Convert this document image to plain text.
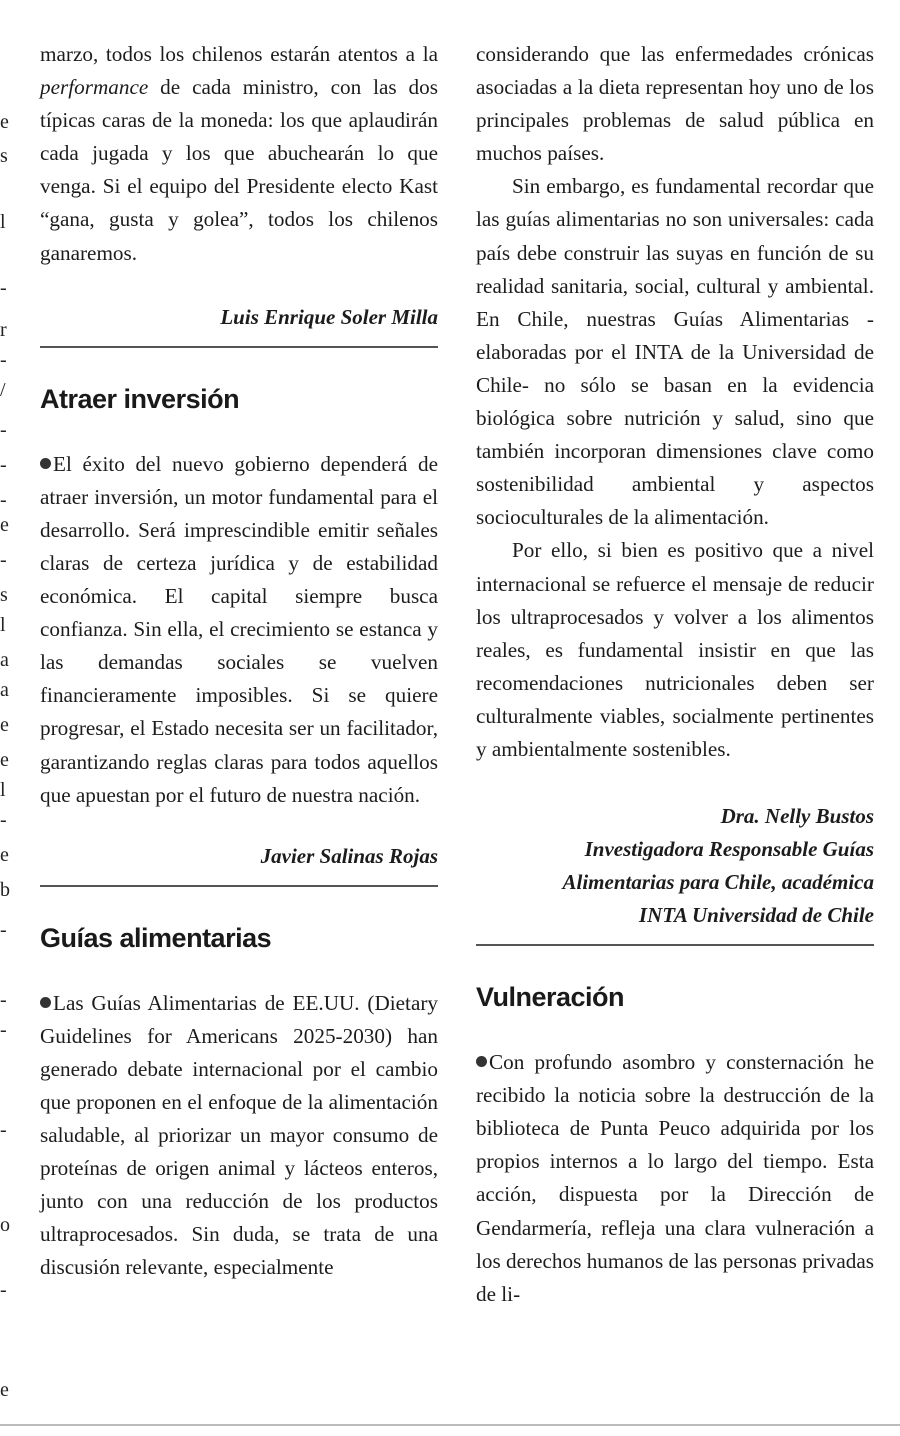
e
s
l
-
r
-
/
-
-
-
e
-
s
l
a
a
e
e
l
-
e
b
-
-
-
-
o
-
e

marzo, todos los chilenos estarán atentos a la performance de cada ministro, con las dos típicas caras de la moneda: los que aplaudirán cada jugada y los que abuchearán lo que venga. Si el equipo del Presidente electo Kast “gana, gusta y golea”, todos los chilenos ganaremos.

Luis Enrique Soler Milla

Atraer inversión

El éxito del nuevo gobierno dependerá de atraer inversión, un motor fundamental para el desarrollo. Será imprescindible emitir señales claras de certeza jurídica y de estabilidad económica. El capital siempre busca confianza. Sin ella, el crecimiento se estanca y las demandas sociales se vuelven financieramente imposibles. Si se quiere progresar, el Estado necesita ser un facilitador, garantizando reglas claras para todos aquellos que apuestan por el futuro de nuestra nación.

Javier Salinas Rojas

Guías alimentarias

Las Guías Alimentarias de EE.UU. (Dietary Guidelines for Americans 2025-2030) han generado debate internacional por el cambio que proponen en el enfoque de la alimentación saludable, al priorizar un mayor consumo de proteínas de origen animal y lácteos enteros, junto con una reducción de los productos ultraprocesados. Sin duda, se trata de una discusión relevante, especialmente

considerando que las enfermedades crónicas asociadas a la dieta representan hoy uno de los principales problemas de salud pública en muchos países.

Sin embargo, es fundamental recordar que las guías alimentarias no son universales: cada país debe construir las suyas en función de su realidad sanitaria, social, cultural y ambiental. En Chile, nuestras Guías Alimentarias -elaboradas por el INTA de la Universidad de Chile- no sólo se basan en la evidencia biológica sobre nutrición y salud, sino que también incorporan dimensiones clave como sostenibilidad ambiental y aspectos socioculturales de la alimentación.

Por ello, si bien es positivo que a nivel internacional se refuerce el mensaje de reducir los ultraprocesados y volver a los alimentos reales, es fundamental insistir en que las recomendaciones nutricionales deben ser culturalmente viables, socialmente pertinentes y ambientalmente sostenibles.

Dra. Nelly Bustos

Investigadora Responsable Guías

Alimentarias para Chile, académica

INTA Universidad de Chile

Vulneración

Con profundo asombro y consternación he recibido la noticia sobre la destrucción de la biblioteca de Punta Peuco adquirida por los propios internos a lo largo del tiempo. Esta acción, dispuesta por la Dirección de Gendarmería, refleja una clara vulneración a los derechos humanos de las personas privadas de li-
